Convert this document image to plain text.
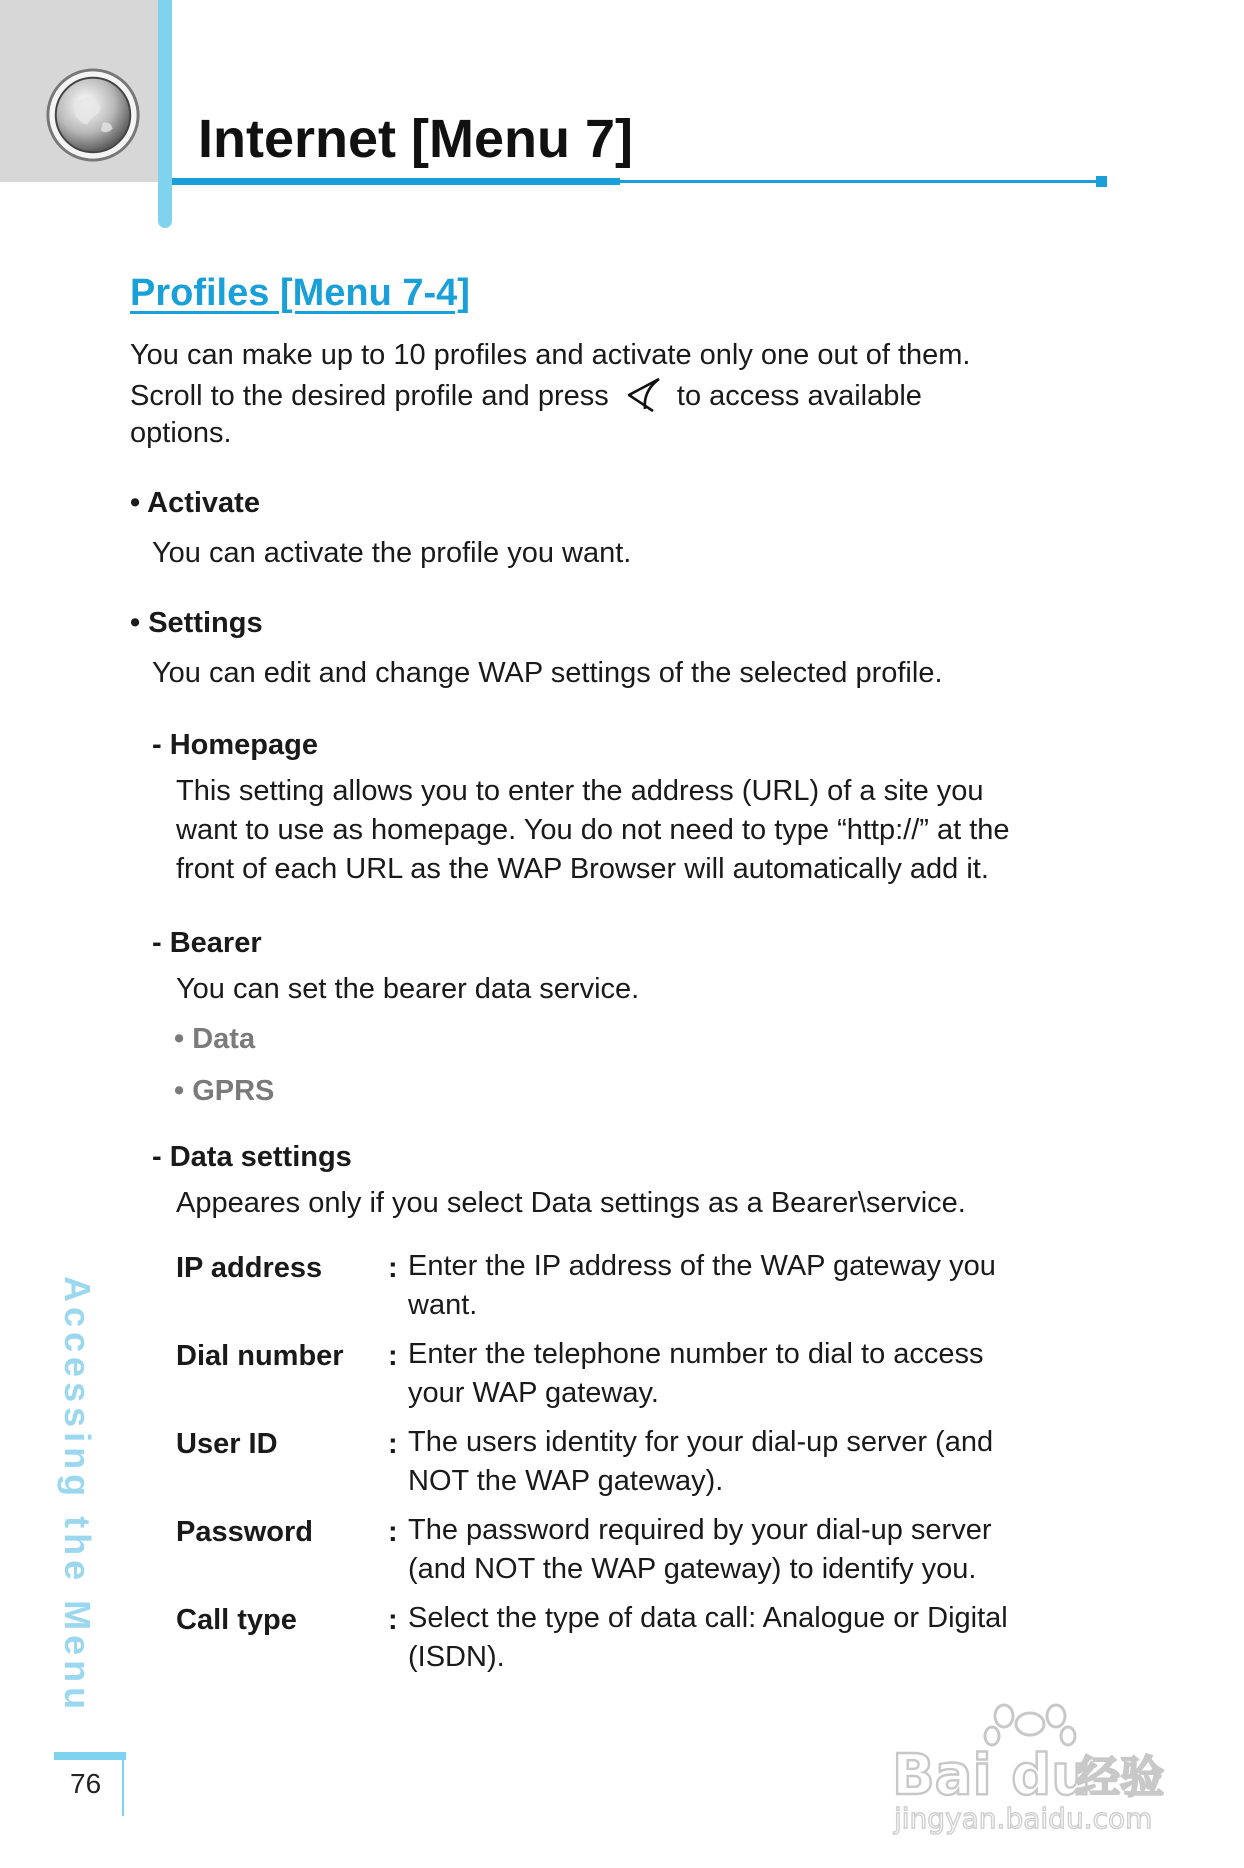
Internet [Menu 7]
Profiles [Menu 7-4]

You can make up to 10 profiles and activate only one out of them.

Scroll to the desired profile and press to access available

options.

• Activate

You can activate the profile you want.

• Settings

You can edit and change WAP settings of the selected profile.

- Homepage

This setting allows you to enter the address (URL) of a site you

want to use as homepage. You do not need to type “http://” at the

front of each URL as the WAP Browser will automatically add it.

- Bearer

You can set the bearer data service.

• Data

• GPRS

- Data settings

Appeares only if you select Data settings as a Bearer\service.

IP address : Enter the IP address of the WAP gateway you
want.
Dial number : Enter the telephone number to dial to access
your WAP gateway.
User ID	: The users identity for your dial-up server (and
NOT the WAP gateway).
Password	: The password required by your dial-up server
(and NOT the WAP gateway) to identify you.
Call type	: Select the type of data call: Analogue or Digital
(ISDN).
Accessing the Menu
76	Bai du
经验
jingyan.baidu.com
